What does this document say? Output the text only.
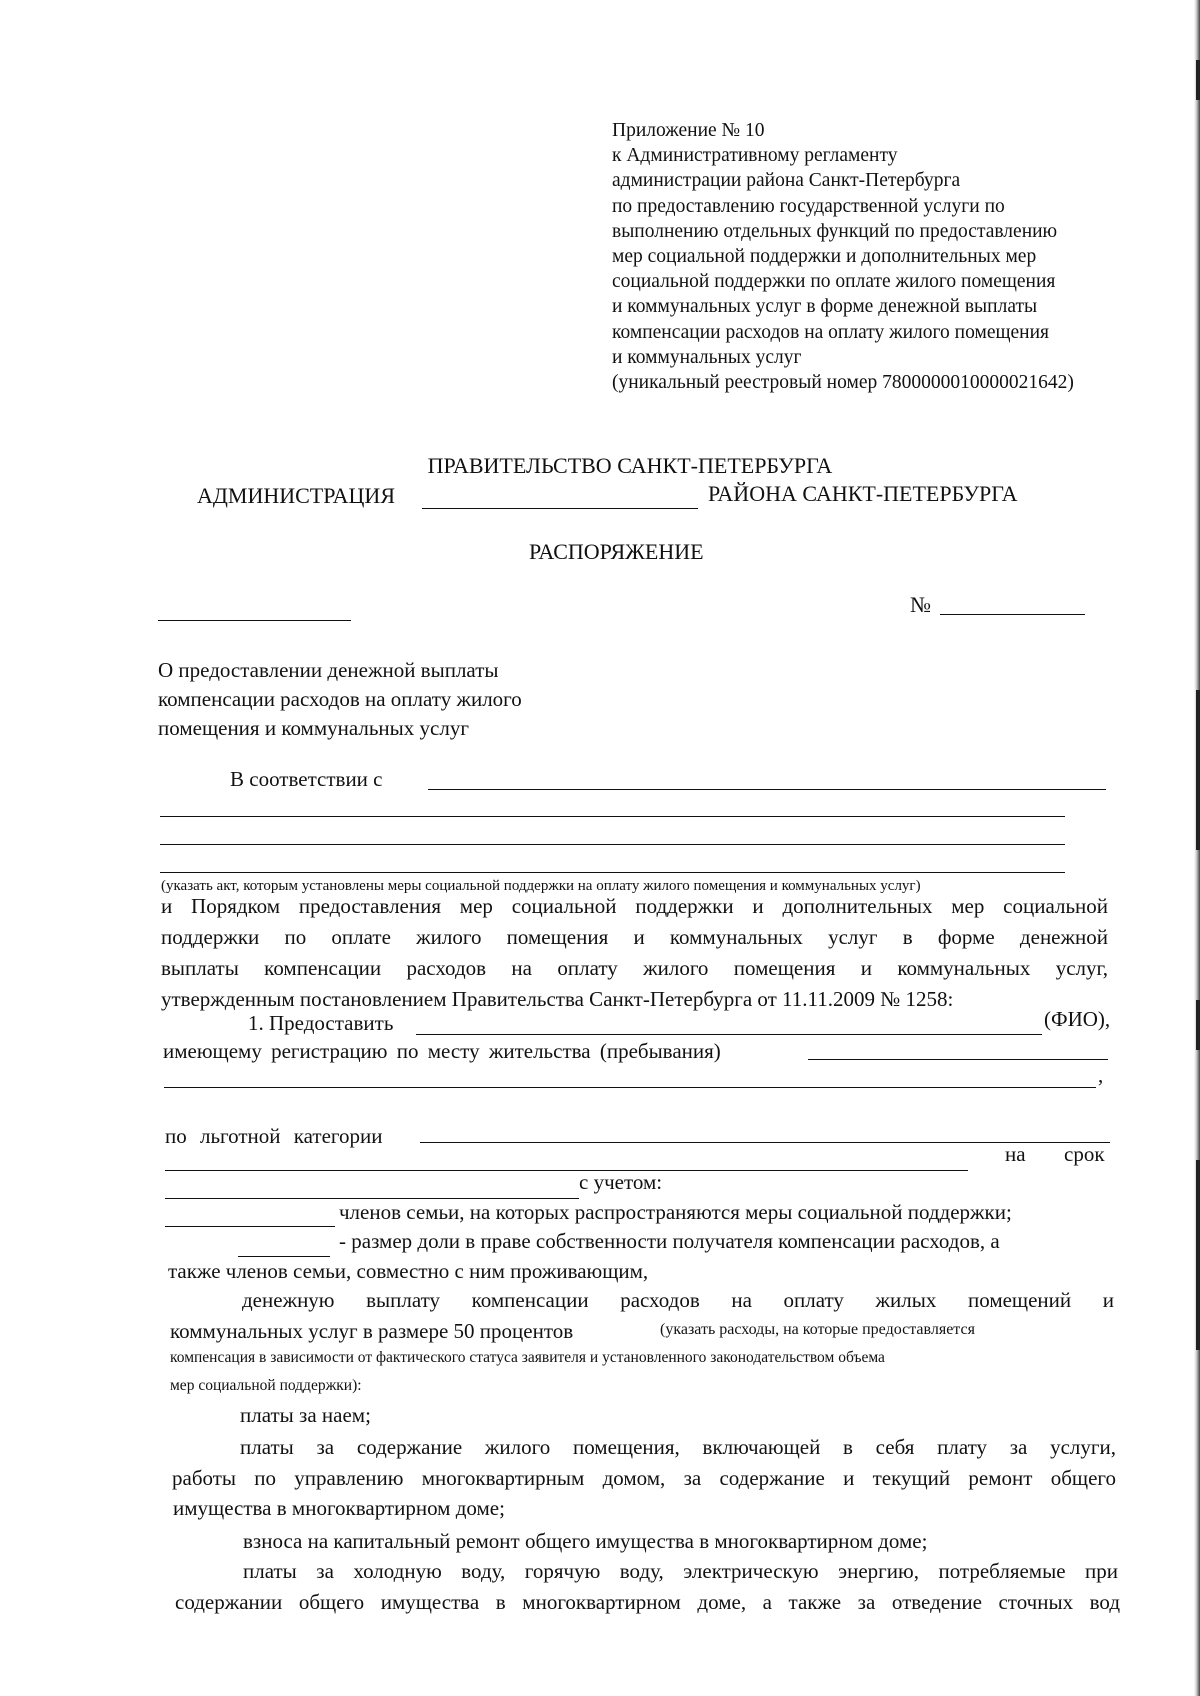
Приложение № 10
к Административному регламенту
администрации района Санкт-Петербурга
по предоставлению государственной услуги по
выполнению отдельных функций по предоставлению
мер социальной поддержки и дополнительных мер
социальной поддержки по оплате жилого помещения
и коммунальных услуг в форме денежной выплаты
компенсации расходов на оплату жилого помещения
и коммунальных услуг
(уникальный реестровый номер 7800000010000021642)
ПРАВИТЕЛЬСТВО САНКТ-ПЕТЕРБУРГА
АДМИНИСТРАЦИЯ	РАЙОНА САНКТ-ПЕТЕРБУРГА
РАСПОРЯЖЕНИЕ
№
О предоставлении денежной выплаты
компенсации расходов на оплату жилого
помещения и коммунальных услуг
В соответствии с
(указать акт, которым установлены меры социальной поддержки на оплату жилого помещения и коммунальных услуг)
и Порядком предоставления мер социальной поддержки и дополнительных мер социальной
поддержки по оплате жилого помещения и коммунальных услуг в форме денежной
выплаты компенсации расходов на оплату жилого помещения и коммунальных услуг,
утвержденным постановлением Правительства Санкт-Петербурга от 11.11.2009 № 1258:
1. Предоставить	(ФИО),
имеющему регистрацию по месту жительства (пребывания)
,
по льготной категории
на срок
с учетом:
членов семьи, на которых распространяются меры социальной поддержки;
- размер доли в праве собственности получателя компенсации расходов, а
также членов семьи, совместно с ним проживающим,
денежную выплату компенсации расходов на оплату жилых помещений и
коммунальных услуг в размере 50 процентов	(указать расходы, на которые предоставляется
компенсация в зависимости от фактического статуса заявителя и установленного законодательством объема
мер социальной поддержки):
платы за наем;
платы за содержание жилого помещения, включающей в себя плату за услуги,
работы по управлению многоквартирным домом, за содержание и текущий ремонт общего
имущества в многоквартирном доме;
взноса на капитальный ремонт общего имущества в многоквартирном доме;
платы за холодную воду, горячую воду, электрическую энергию, потребляемые при
содержании общего имущества в многоквартирном доме, а также за отведение сточных вод
